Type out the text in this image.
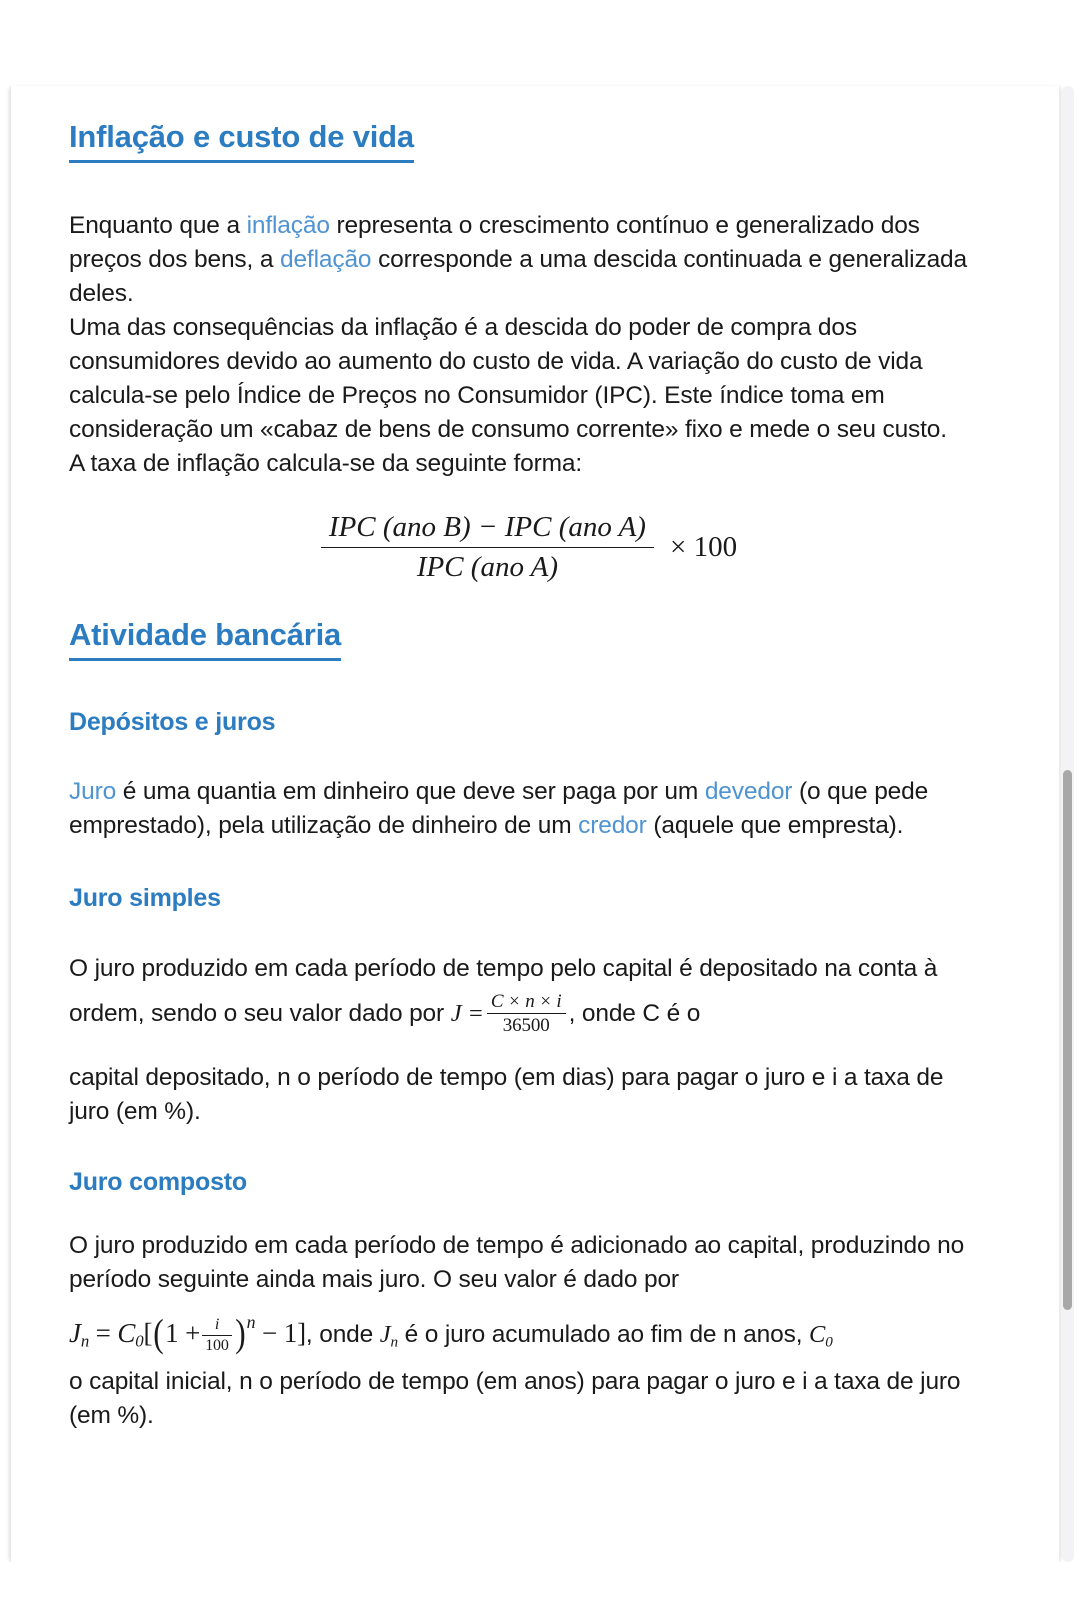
Inflação e custo de vida

Enquanto que a inflação representa o crescimento contínuo e generalizado dos preços dos bens, a deflação corresponde a uma descida continuada e generalizada deles.

Uma das consequências da inflação é a descida do poder de compra dos consumidores devido ao aumento do custo de vida. A variação do custo de vida calcula-se pelo Índice de Preços no Consumidor (IPC). Este índice toma em consideração um «cabaz de bens de consumo corrente» fixo e mede o seu custo.

A taxa de inflação calcula-se da seguinte forma:

$\frac{\text{IPC (ano B) − IPC (ano A)}}{\text{IPC (ano A)}} \times 100$
Atividade bancária
Depósitos e juros

Juro é uma quantia em dinheiro que deve ser paga por um devedor (o que pede emprestado), pela utilização de dinheiro de um credor (aquele que empresta).

Juro simples

O juro produzido em cada período de tempo pelo capital é depositado na conta à ordem, sendo o seu valor dado por $J = \frac{C \times n \times i}{36500}$ , onde C é o

capital depositado, n o período de tempo (em dias) para pagar o juro e i a taxa de juro (em %).

Juro composto

O juro produzido em cada período de tempo é adicionado ao capital, produzindo no período seguinte ainda mais juro. O seu valor é dado por

$J_n = C_0[(1 + \frac{i}{100} )^n - 1]$, onde $J_n$ é o juro acumulado ao fim de n anos, $C_0$

o capital inicial, n o período de tempo (em anos) para pagar o juro e i a taxa de juro (em %).
